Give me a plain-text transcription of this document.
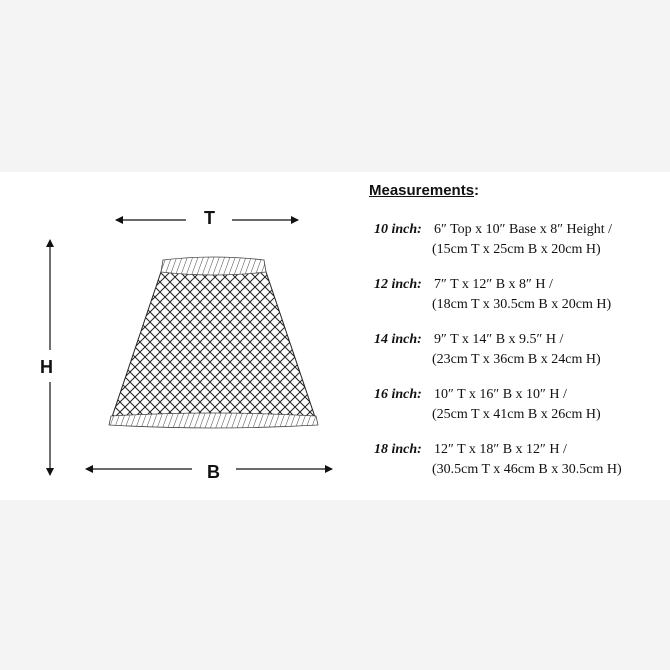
T
H
B
Measurements:
10 inch: 6″ Top x 10″ Base x 8″ Height /
(15cm T x 25cm B x 20cm H)
12 inch: 7″ T x 12″ B x 8″ H /
(18cm T x 30.5cm B x 20cm H)
14 inch: 9″ T x 14″ B x 9.5″ H /
(23cm T x 36cm B x 24cm H)
16 inch: 10″ T x 16″ B x 10″ H /
(25cm T x 41cm B x 26cm H)
18 inch: 12″ T x 18″ B x 12″ H /
(30.5cm T x 46cm B x 30.5cm H)
